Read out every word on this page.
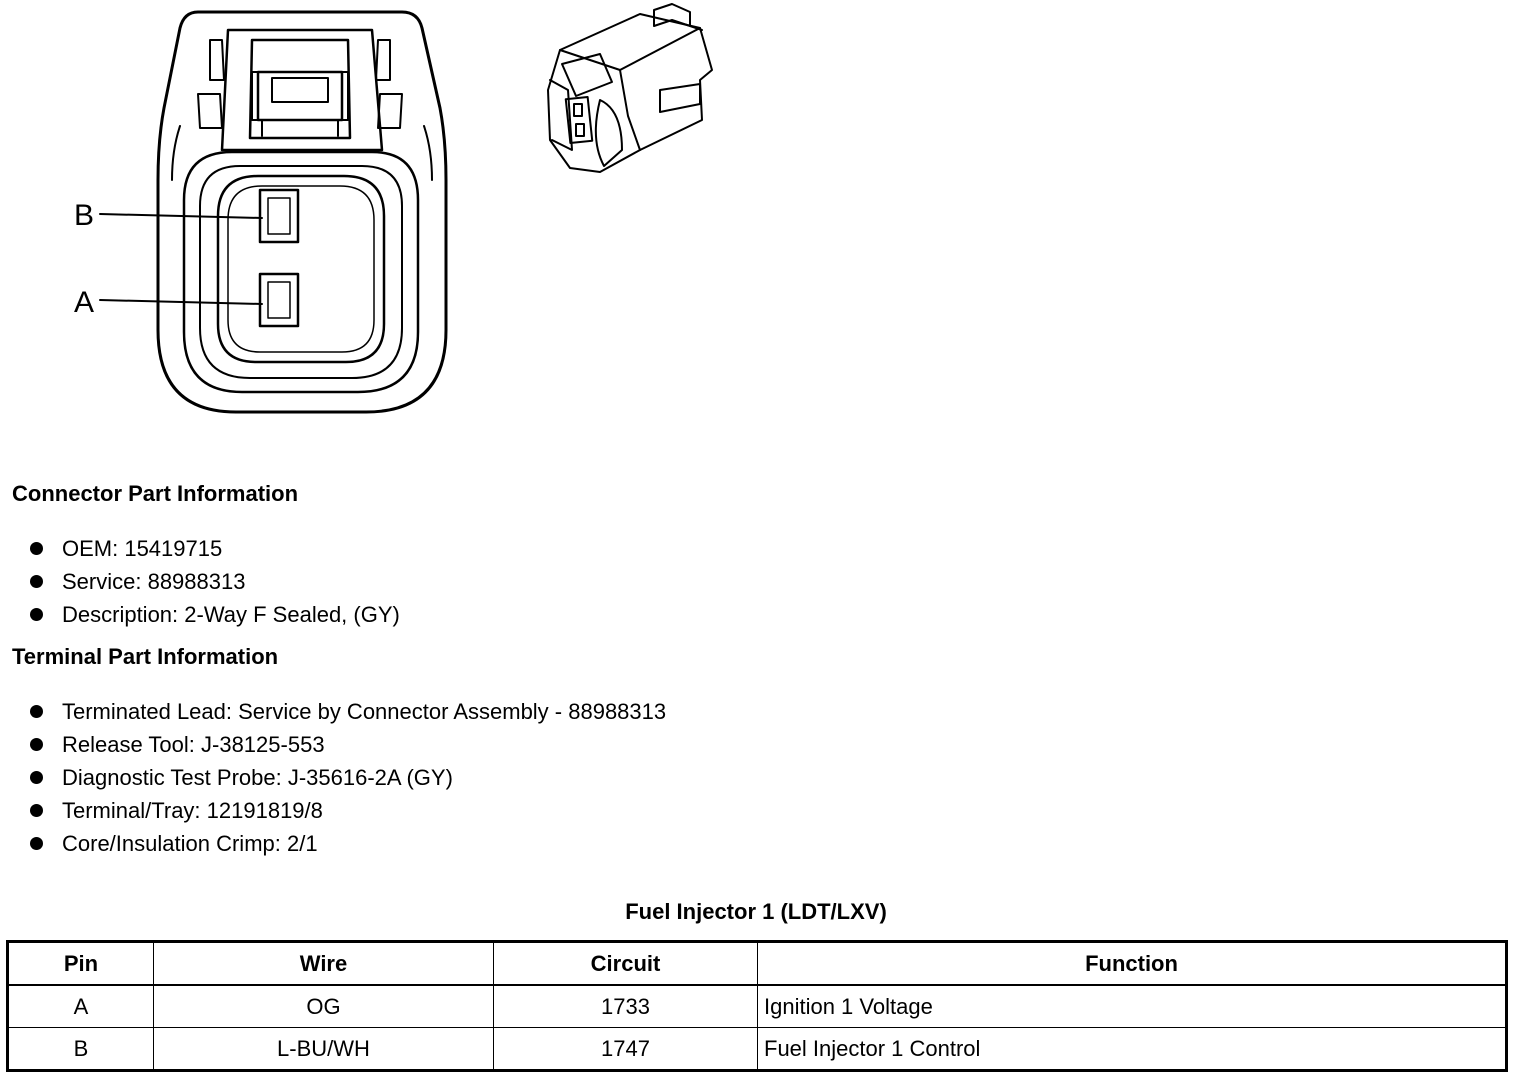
B
A
Connector Part Information
OEM: 15419715
Service: 88988313
Description: 2-Way F Sealed, (GY)
Terminal Part Information
Terminated Lead: Service by Connector Assembly - 88988313
Release Tool: J-38125-553
Diagnostic Test Probe: J-35616-2A (GY)
Terminal/Tray: 12191819/8
Core/Insulation Crimp: 2/1

Fuel Injector 1 (LDT/LXV)

Pin	Wire	Circuit	Function
A	OG	1733	Ignition 1 Voltage
B	L-BU/WH	1747	Fuel Injector 1 Control
